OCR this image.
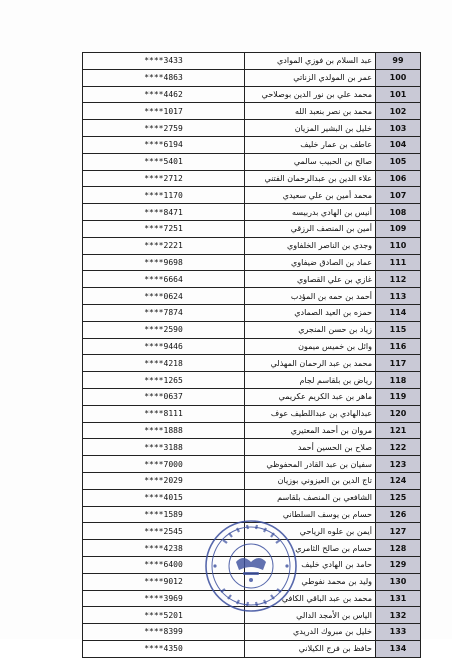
****3433	عبد السلام بن فوزي الموادي	99
****4863	عمر بن المولدي الزناتي	100
****4462	محمد علي بن نور الدين بوصلاحي	101
****1017	محمد بن نصر بنعبد الله	102
****2759	خليل بن البشير المزيان	103
****6194	عاطف بن عمار خليف	104
****5401	صالح بن الحبيب سالمي	105
****2712	علاء الدين بن عبدالرحمان الفتني	106
****1170	محمد أمين بن علي سعيدي	107
****8471	أنيس بن الهادي بدربيسه	108
****7251	أمين بن المنصف الرزقي	109
****2221	وجدي بن الناصر الخلفاوي	110
****9698	عماد بن الصادق ضيفاوي	111
****6664	غازي بن علي القصاوي	112
****0624	أحمد بن حمه بن المؤدب	113
****7874	حمزه بن العيد الصمادي	114
****2590	زياد بن حسن المنجري	115
****9446	وائل بن خميس ميمون	116
****4218	محمد بن عبد الرحمان المهذلي	117
****1265	رياض بن بلقاسم لجام	118
****0637	ماهر بن عبد الكريم عكريمي	119
****8111	عبدالهادي بن عبداللطيف عوف	120
****1888	مروان بن أحمد المعتيري	121
****3188	صلاح بن الحسين أحمد	122
****7000	سفيان بن عبد القادر المحفوظي	123
****2029	تاج الدين بن العيزوني بوزيان	124
****4015	الشافعي بن المنصف بلقاسم	125
****1589	حسام بن يوسف السلطاني	126
****2545	أيمن بن علوه الرياحي	127
****4238	حسام بن صالح الثامري	128
****6400	حامد بن الهادي خليف	129
****9012	وليد بن محمد نفوطي	130
****3969	محمد بن عبد الباقي الكافي	131
****5201	الياس بن الأمجد الدالي	132
****8399	خليل بن مبروك الدريدي	133
****4350	حافظ بن فرج الكيلاني	134
